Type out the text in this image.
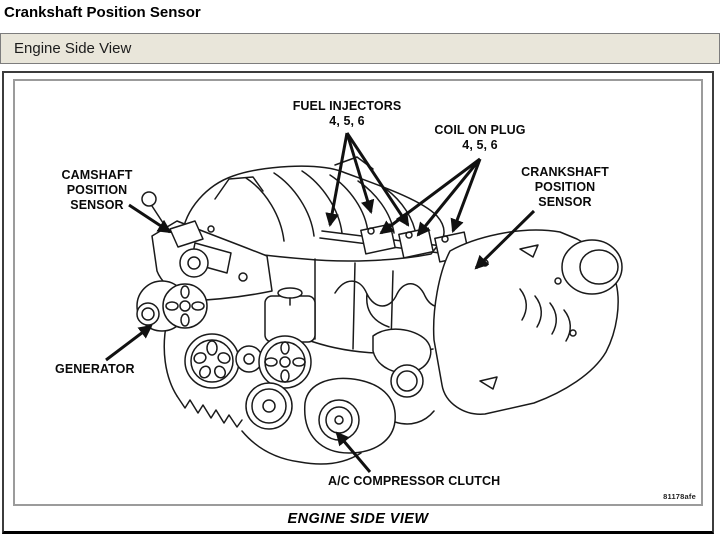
Crankshaft Position Sensor
Engine Side View
FUEL INJECTORS
4, 5, 6
COIL ON PLUG
4, 5, 6
CRANKSHAFT
POSITION
SENSOR
CAMSHAFT
POSITION
SENSOR
GENERATOR
A/C COMPRESSOR CLUTCH
81178afe
ENGINE SIDE VIEW
